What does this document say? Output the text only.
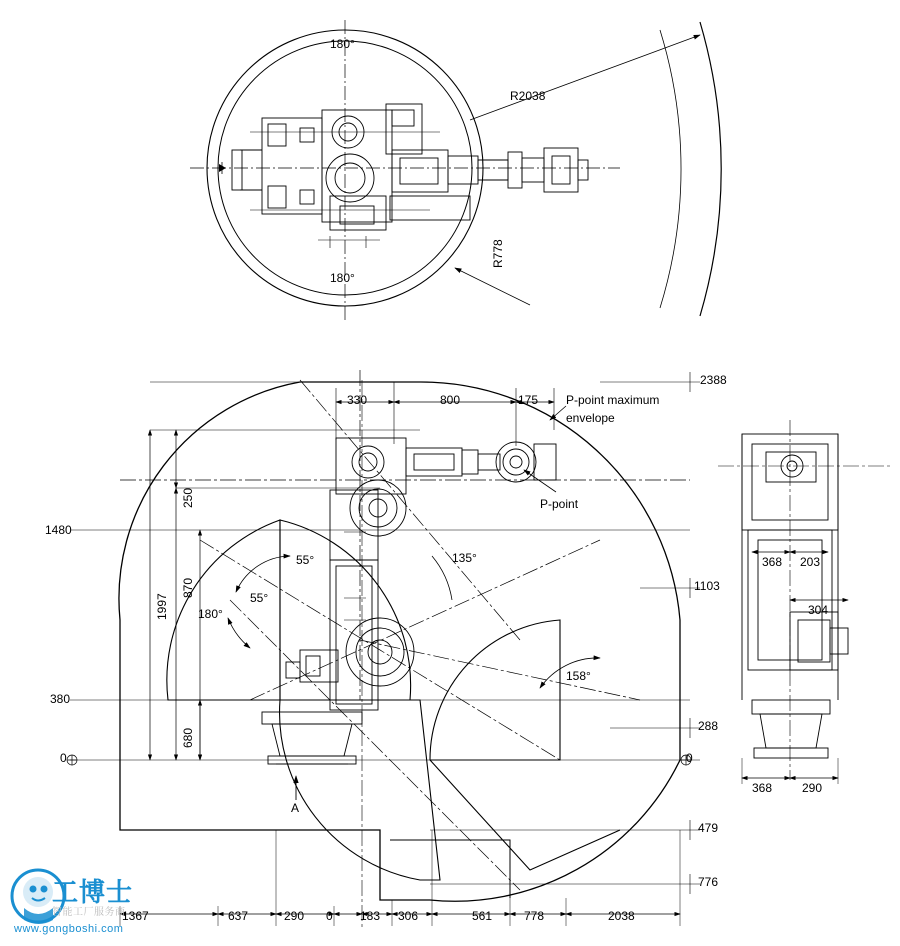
180°
180°
R2038
R778
P-point maximum
envelope
P-point
A
330	800	175
1480
380
0
250
870
1997
680
2388
1103
288
0
479
776
55°
55°
180°
135°
158°
1367	637	290 0 183 306	561	778	2038
368 203
304
368 290
工博士
智能工厂服务商
www.gongboshi.com
